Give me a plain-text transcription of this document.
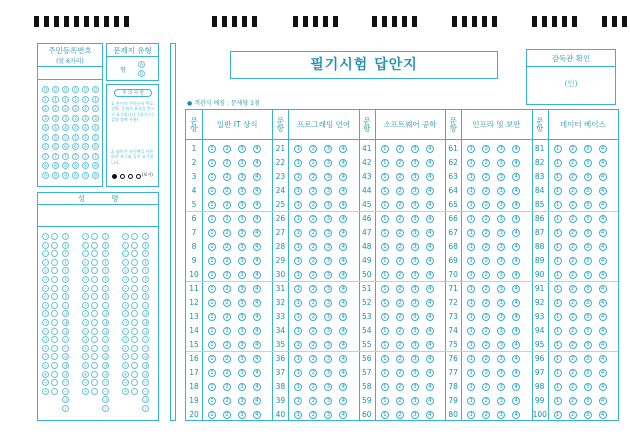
필기시험 답안지	감독관 확인
(인)
주민등록번호
(앞 6자리)
0
1
2
3
4
5
6
7
8
9
0
1
2
3
4
5
6
7
8
9
0
1
2
3
4
5
6
7
8
9
0
1
2
3
4
5
6
7
8
9
0
1
2
3
4
5
6
7
8
9
0
1
2
3
4
5
6
7
8
9
문제지 유형
형
A
B
주 의 사 항
1. 본인의 주민등록 번호, 성명, 문제지 유형을 반드시 표기합니다. (필기구는 검정 볼펜 사용)
2. 답란은 사인펜을 사용하여 보기와 같이 표기합니다.
(보기)
성 명
ㄱ
ㄴ
ㄷ
ㄹ
ㅁ
ㅂ
ㅅ
ㅇ
ㅈ
ㅊ
ㅋ
ㅌ
ㅍ
ㅎ
ㄲ
ㄸ
ㅃ
ㅆ
ㅉ
ㅏ
ㅐ
ㅑ
ㅒ
ㅓ
ㅔ
ㅕ
ㅖ
ㅗ
ㅘ
ㅙ
ㅚ
ㅛ
ㅜ
ㅝ
ㅞ
ㅟ
ㅠ
ㅡ
ㅢ
ㅣ
ㄱ
ㄴ
ㄷ
ㄹ
ㅁ
ㅂ
ㅅ
ㅇ
ㅈ
ㅊ
ㅋ
ㅌ
ㅍ
ㅎ
ㄲ
ㄸ
ㅃ
ㅆ
ㅉ
ㅏ
ㅐ
ㅑ
ㅒ
ㅓ
ㅔ
ㅕ
ㅖ
ㅗ
ㅘ
ㅙ
ㅚ
ㅛ
ㅜ
ㅝ
ㅞ
ㅟ
ㅠ
ㅡ
ㅢ
ㅣ
ㄱ
ㄴ
ㄷ
ㄹ
ㅁ
ㅂ
ㅅ
ㅇ
ㅈ
ㅊ
ㅋ
ㅌ
ㅍ
ㅎ
ㄲ
ㄸ
ㅃ
ㅆ
ㅉ
ㅏ
ㅐ
ㅑ
ㅒ
ㅓ
ㅔ
ㅕ
ㅖ
ㅗ
ㅘ
ㅙ
ㅚ
ㅛ
ㅜ
ㅝ
ㅞ
ㅟ
ㅠ
ㅡ
ㅢ
ㅣ
● 객관식 배점 : 문제당 1점
문항	일반 IT 상식
1	1	2	3	4
2	1	2	3	4
3	1	2	3	4
4	1	2	3	4
5	1	2	3	4
6	1	2	3	4
7	1	2	3	4
8	1	2	3	4
9	1	2	3	4
10	1	2	3	4
11	1	2	3	4
12	1	2	3	4
13	1	2	3	4
14	1	2	3	4
15	1	2	3	4
16	1	2	3	4
17	1	2	3	4
18	1	2	3	4
19	1	2	3	4
20	1	2	3	4
문항	프로그래밍 언어
21	1	2	3	4
22	1	2	3	4
23	1	2	3	4
24	1	2	3	4
25	1	2	3	4
26	1	2	3	4
27	1	2	3	4
28	1	2	3	4
29	1	2	3	4
30	1	2	3	4
31	1	2	3	4
32	1	2	3	4
33	1	2	3	4
34	1	2	3	4
35	1	2	3	4
36	1	2	3	4
37	1	2	3	4
38	1	2	3	4
39	1	2	3	4
40	1	2	3	4
문항	소프트웨어 공학
41	1	2	3	4
42	1	2	3	4
43	1	2	3	4
44	1	2	3	4
45	1	2	3	4
46	1	2	3	4
47	1	2	3	4
48	1	2	3	4
49	1	2	3	4
50	1	2	3	4
51	1	2	3	4
52	1	2	3	4
53	1	2	3	4
54	1	2	3	4
55	1	2	3	4
56	1	2	3	4
57	1	2	3	4
58	1	2	3	4
59	1	2	3	4
60	1	2	3	4
문항	인프라 및 보안
61	1	2	3	4
62	1	2	3	4
63	1	2	3	4
64	1	2	3	4
65	1	2	3	4
66	1	2	3	4
67	1	2	3	4
68	1	2	3	4
69	1	2	3	4
70	1	2	3	4
71	1	2	3	4
72	1	2	3	4
73	1	2	3	4
74	1	2	3	4
75	1	2	3	4
76	1	2	3	4
77	1	2	3	4
78	1	2	3	4
79	1	2	3	4
80	1	2	3	4
문항	데이터 베이스
81	1	2	3	4
82	1	2	3	4
83	1	2	3	4
84	1	2	3	4
85	1	2	3	4
86	1	2	3	4
87	1	2	3	4
88	1	2	3	4
89	1	2	3	4
90	1	2	3	4
91	1	2	3	4
92	1	2	3	4
93	1	2	3	4
94	1	2	3	4
95	1	2	3	4
96	1	2	3	4
97	1	2	3	4
98	1	2	3	4
99	1	2	3	4
100	1	2	3	4
